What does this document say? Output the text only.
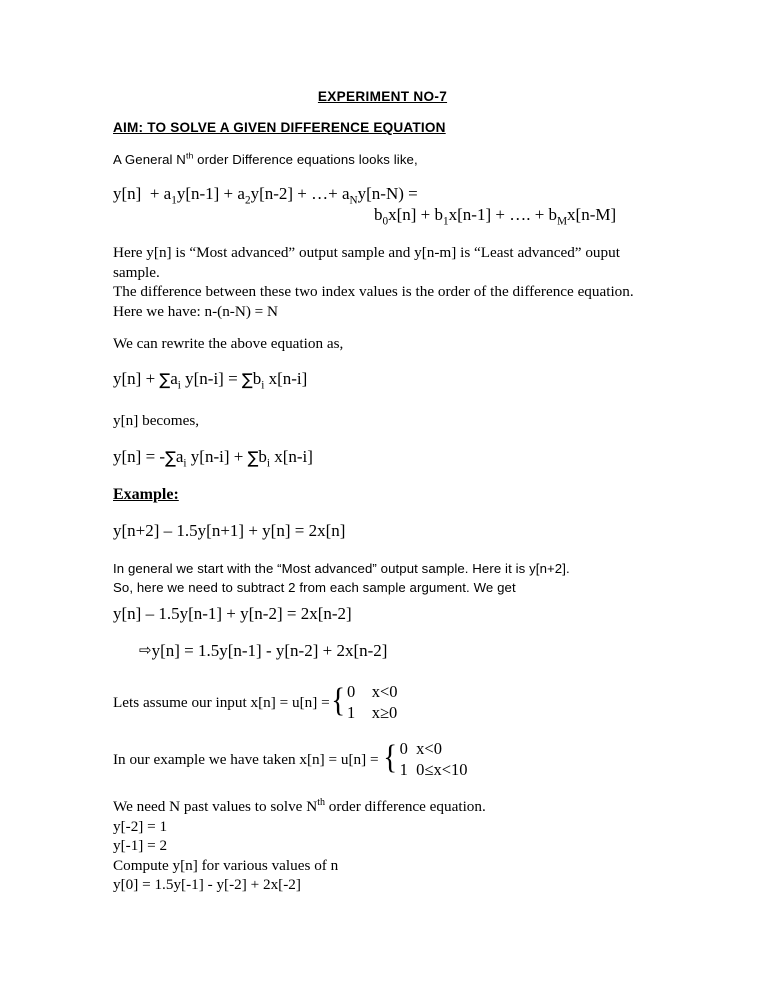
EXPERIMENT NO-7
AIM: TO SOLVE A GIVEN DIFFERENCE EQUATION
A General $N^{th}$ order Difference equations looks like,
$y[n] + a_1y[n-1] + a_2y[n-2]$ + …+ $a_Ny[n-N)$ =
$b_0x[n] + b_1x[n-1]$ + …. + $b_Mx[n-M]$
Here y[n] is “Most advanced” output sample and y[n-m] is “Least advanced” ouput
sample.
The difference between these two index values is the order of the difference equation.
Here we have: n-(n-N) = N
We can rewrite the above equation as,
$y[n] + \sum a_i$ $y[n-i] = \sum b_i$ x[n-i]
y[n] becomes,
$y[n] = -\sum a_i$ $y[n-i] + \sum b_i$ x[n-i]
Example:
y[n+2] – 1.5y[n+1] + y[n] = 2x[n]
In general we start with the “Most advanced” output sample. Here it is y[n+2].
So, here we need to subtract 2 from each sample argument. We get
y[n] – 1.5y[n-1] + y[n-2] = 2x[n-2]
⇨y[n] = 1.5y[n-1] - y[n-2] + 2x[n-2]
Lets assume our input x[n] = u[n] = { 0    x<0
1    x≥0
In our example we have taken x[n] = u[n] = { 0  x<0
1  0≤x<10
We need N past values to solve $N^{th}$ order difference equation.
y[-2] = 1
y[-1] = 2
Compute y[n] for various values of n
y[0] = 1.5y[-1] - y[-2] + 2x[-2]
